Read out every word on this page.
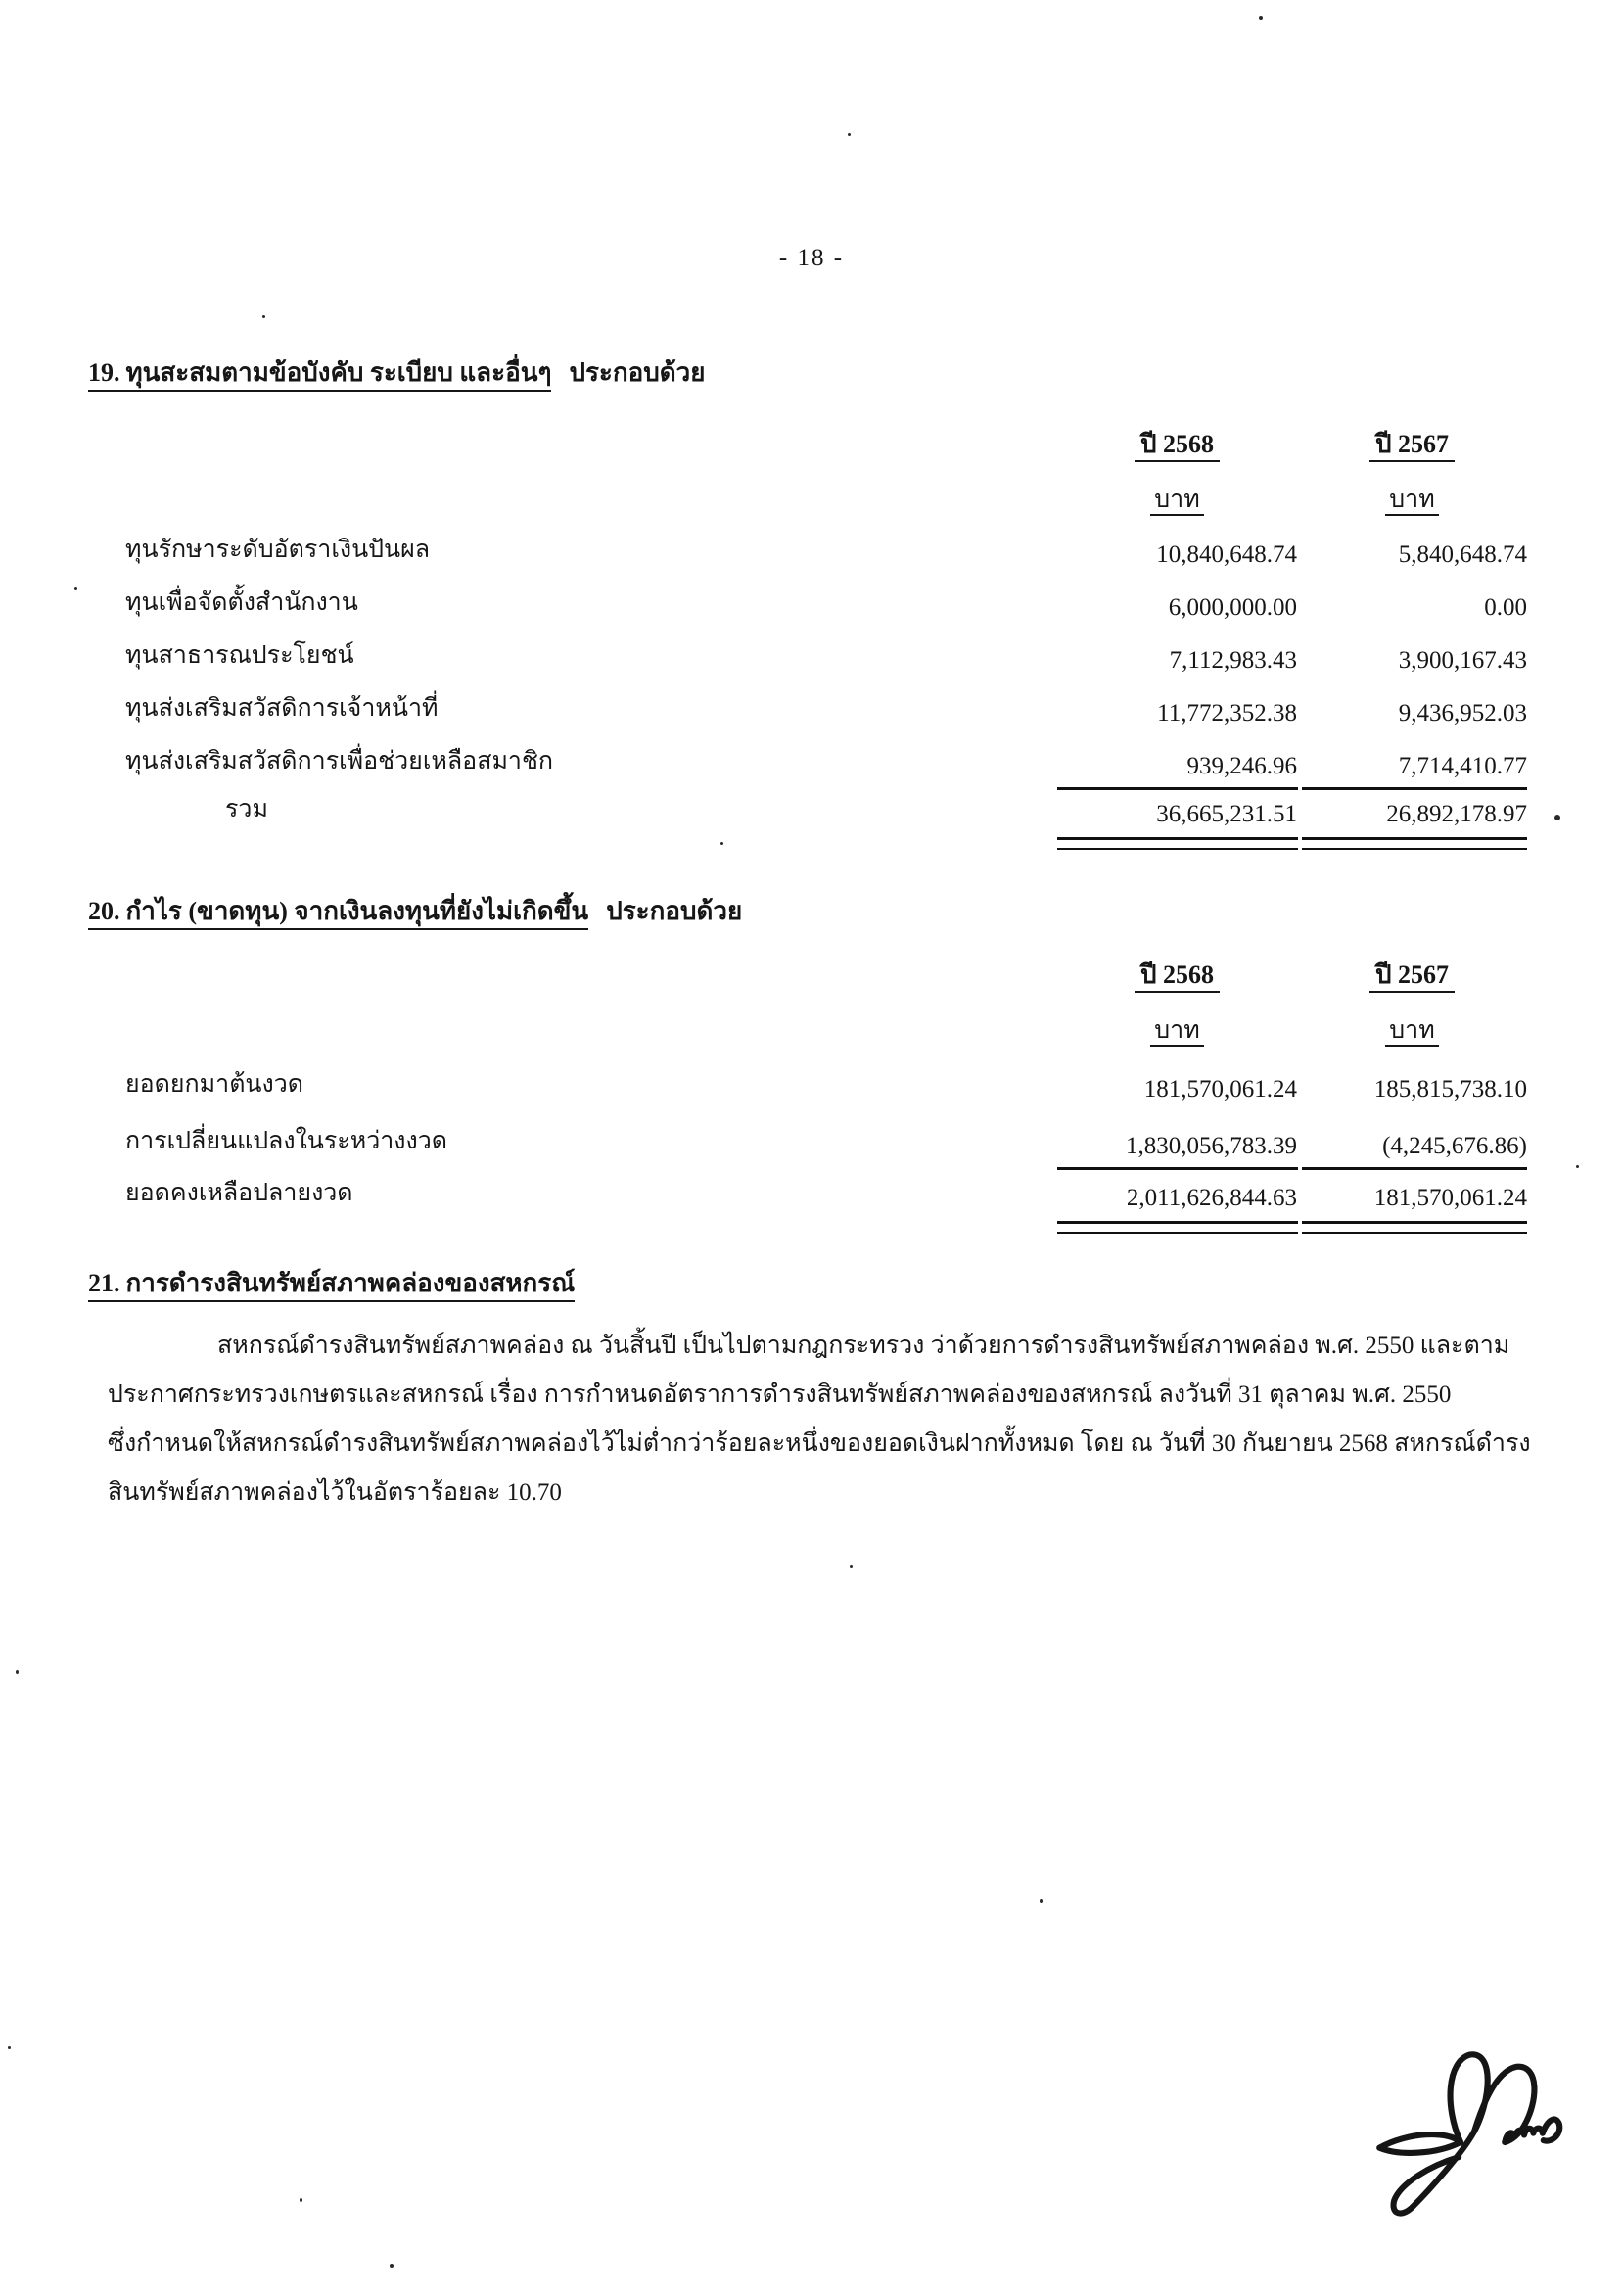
- 18 -
19. ทุนสะสมตามข้อบังคับ ระเบียบ และอื่นๆ ประกอบด้วย
ปี 2568	ปี 2567
บาท	บาท
ทุนรักษาระดับอัตราเงินปันผล	10,840,648.74	5,840,648.74
ทุนเพื่อจัดตั้งสำนักงาน	6,000,000.00	0.00
ทุนสาธารณประโยชน์	7,112,983.43	3,900,167.43
ทุนส่งเสริมสวัสดิการเจ้าหน้าที่	11,772,352.38	9,436,952.03
ทุนส่งเสริมสวัสดิการเพื่อช่วยเหลือสมาชิก	939,246.96	7,714,410.77
รวม	36,665,231.51	26,892,178.97
20. กำไร (ขาดทุน) จากเงินลงทุนที่ยังไม่เกิดขึ้น ประกอบด้วย
ปี 2568	ปี 2567
บาท	บาท
ยอดยกมาต้นงวด	181,570,061.24	185,815,738.10
การเปลี่ยนแปลงในระหว่างงวด	1,830,056,783.39	(4,245,676.86)
ยอดคงเหลือปลายงวด	2,011,626,844.63	181,570,061.24
21. การดำรงสินทรัพย์สภาพคล่องของสหกรณ์
สหกรณ์ดำรงสินทรัพย์สภาพคล่อง ณ วันสิ้นปี เป็นไปตามกฎกระทรวง ว่าด้วยการดำรงสินทรัพย์สภาพคล่อง พ.ศ. 2550 และตาม
ประกาศกระทรวงเกษตรและสหกรณ์ เรื่อง การกำหนดอัตราการดำรงสินทรัพย์สภาพคล่องของสหกรณ์ ลงวันที่ 31 ตุลาคม พ.ศ. 2550
ซึ่งกำหนดให้สหกรณ์ดำรงสินทรัพย์สภาพคล่องไว้ไม่ต่ำกว่าร้อยละหนึ่งของยอดเงินฝากทั้งหมด โดย ณ วันที่ 30 กันยายน 2568 สหกรณ์ดำรง
สินทรัพย์สภาพคล่องไว้ในอัตราร้อยละ 10.70
